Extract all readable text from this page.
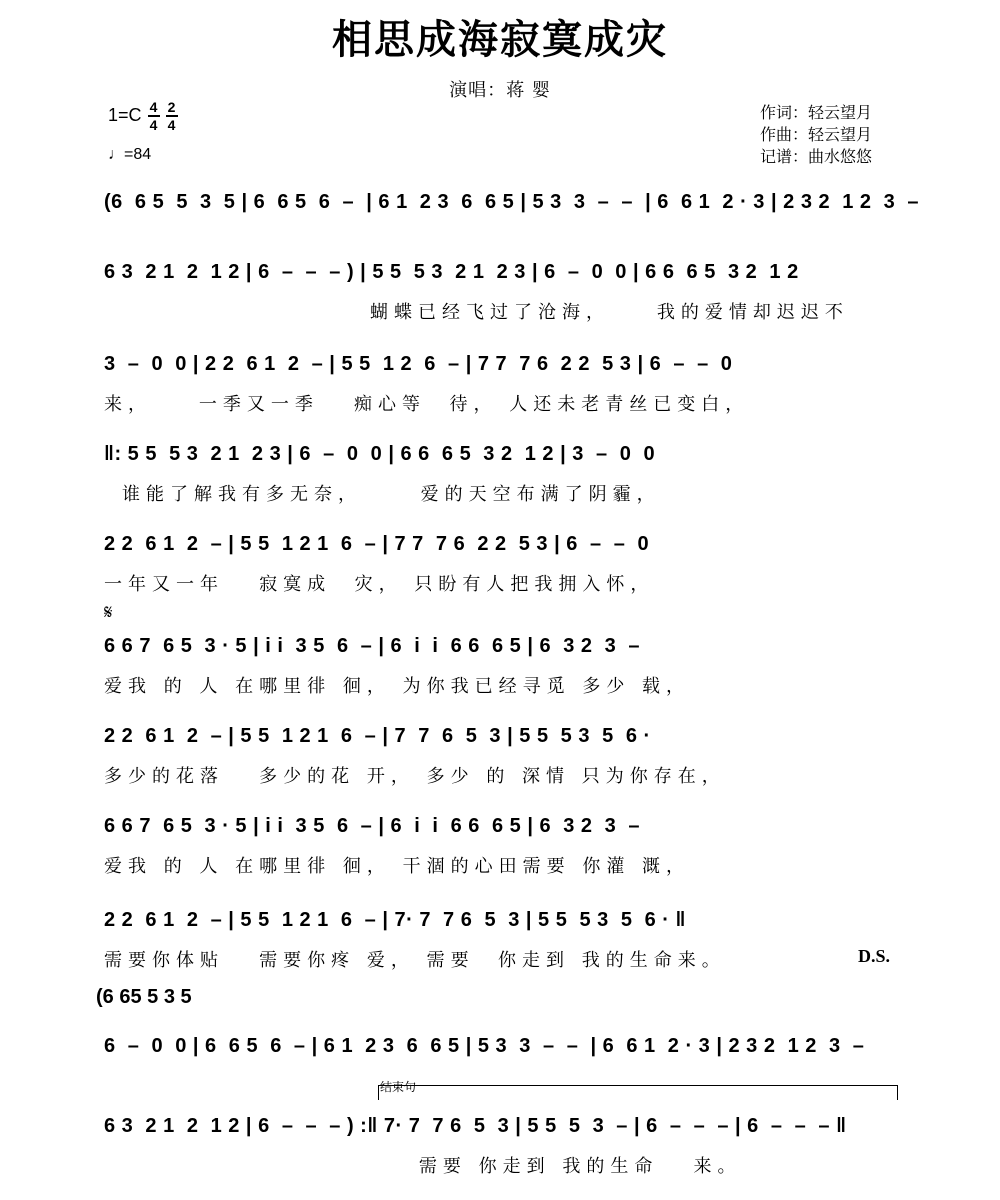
相思成海寂寞成灾
演唱：蒋 婴
$1=C \frac{4}{4} \frac{2}{4}$
♩=84
作词：轻云望月
作曲：轻云望月
记谱：曲水悠悠
(6  6 5  5  3  5 | 6  6 5  6  –  | 6 1  2 3  6  6 5 | 5 3  3  –  –  | 6  6 1  2 · 3 | 2 3 2  1 2  3  –
6 3  2 1  2  1 2 | 6  –  –  – ) | 5 5  5 3  2 1  2 3 | 6  –  0  0 | 6 6  6 5  3 2  1 2
蝴蝶已经飞过了沧海，    我的爱情却迟迟不
3  –  0  0 | 2 2  6 1  2  – | 5 5  1 2  6  – | 7 7  7 6  2 2  5 3 | 6  –  –  0
来，    一季又一季   痴心等  待， 人还未老青丝已变白，
‖: 5 5  5 3  2 1  2 3 | 6  –  0  0 | 6 6  6 5  3 2  1 2 | 3  –  0  0
谁能了解我有多无奈，     爱的天空布满了阴霾，
2 2  6 1  2  – | 5 5  1 2 1  6  – | 7 7  7 6  2 2  5 3 | 6  –  –  0
一年又一年   寂寞成  灾， 只盼有人把我拥入怀，
𝄋
6 6 7  6 5  3 · 5 | i i  3 5  6  – | 6  i  i  6 6  6 5 | 6  3 2  3  –
爱我 的 人 在哪里徘 徊， 为你我已经寻觅 多少 载，
2 2  6 1  2  – | 5 5  1 2 1  6  – | 7  7  6  5  3 | 5 5  5 3  5  6 ·
多少的花落   多少的花 开， 多少 的 深情 只为你存在，
6 6 7  6 5  3 · 5 | i i  3 5  6  – | 6  i  i  6 6  6 5 | 6  3 2  3  –
爱我 的 人 在哪里徘 徊， 干涸的心田需要 你灌 溉，
2 2  6 1  2  – | 5 5  1 2 1  6  – | 7· 7  7 6  5  3 | 5 5  5 3  5  6 · ‖
需要你体贴   需要你疼 爱， 需要  你走到 我的生命来。	D.S.
(6 65 5 3 5
6  –  0  0 | 6  6 5  6  – | 6 1  2 3  6  6 5 | 5 3  3  –  –  | 6  6 1  2 · 3 | 2 3 2  1 2  3  –
结束句
6 3  2 1  2  1 2 | 6  –  –  – ) :‖ 7· 7  7 6  5  3 | 5 5  5  3  – | 6  –  –  – | 6  –  –  – ‖
需要 你走到 我的生命   来。
